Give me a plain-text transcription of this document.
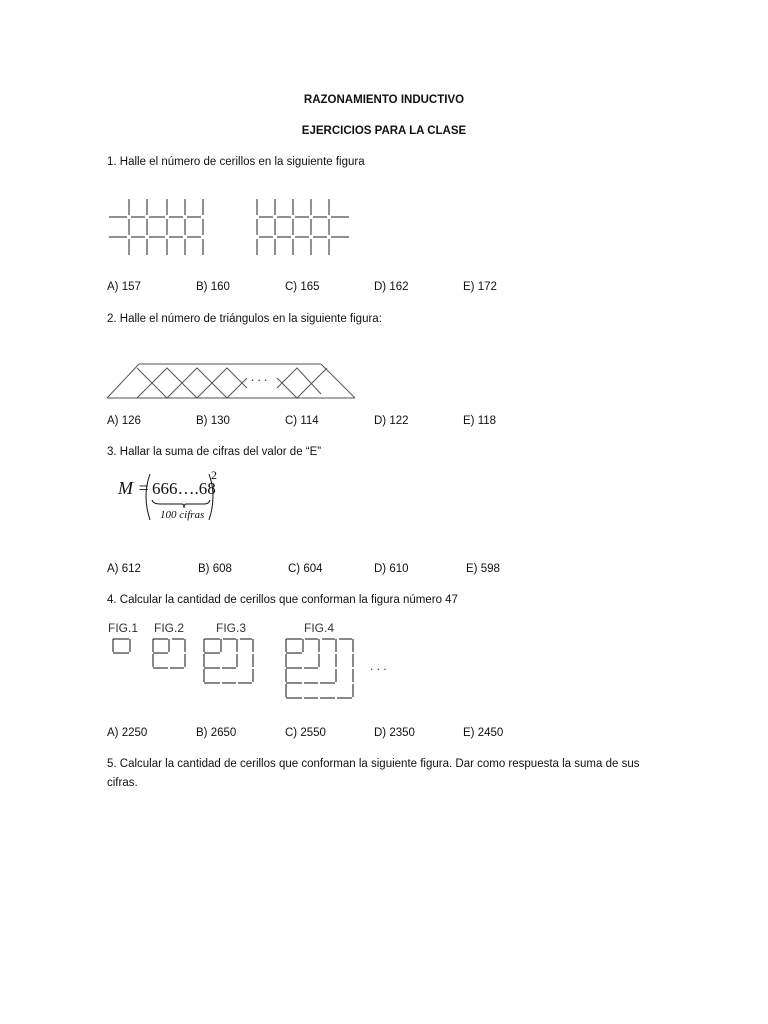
RAZONAMIENTO INDUCTIVO
EJERCICIOS PARA LA CLASE
1. Halle el número de cerillos en la siguiente figura
A) 157	B) 160	C) 165	D) 162	E) 172
2. Halle el número de triángulos en la siguiente figura:
. . .
A) 126	B) 130	C) 114	D) 122	E) 118
3. Hallar la suma de cifras del valor de “E”
M = 666….68
100 cifras
2
A) 612	B) 608	C) 604	D) 610	E) 598
4. Calcular la cantidad de cerillos que conforman la figura número 47
FIG.1 FIG.2	FIG.3	FIG.4
. . .
A) 2250	B) 2650	C) 2550	D) 2350	E) 2450
5. Calcular la cantidad de cerillos que conforman la siguiente figura. Dar como respuesta la suma de sus
cifras.
